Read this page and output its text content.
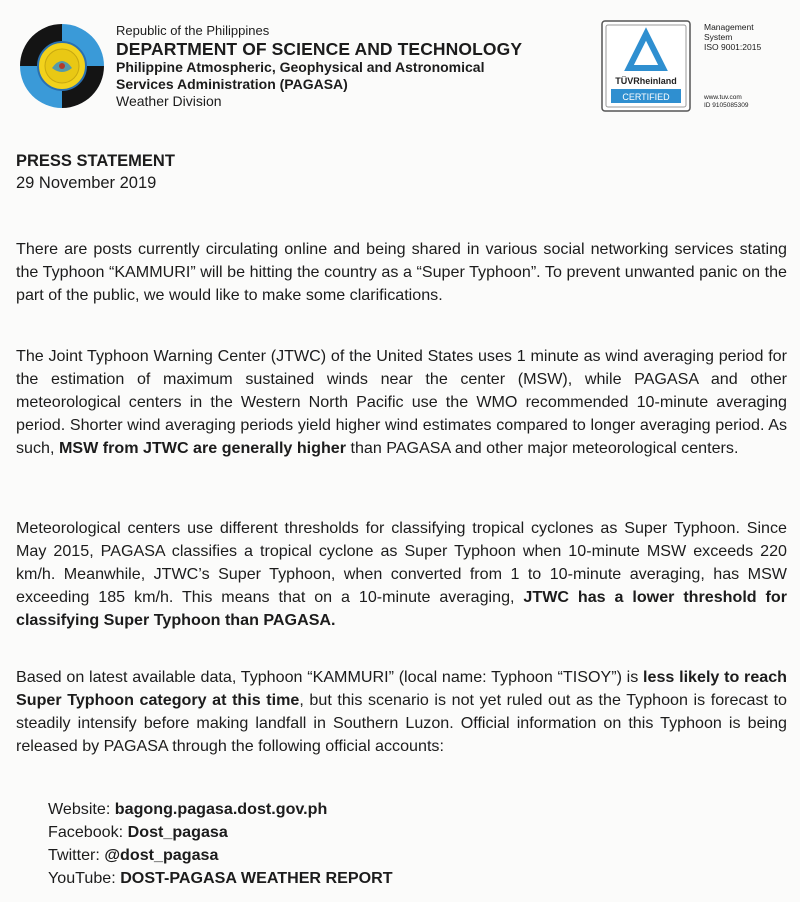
Republic of the Philippines
DEPARTMENT OF SCIENCE AND TECHNOLOGY
Philippine Atmospheric, Geophysical and Astronomical
Services Administration (PAGASA)
Weather Division
TÜVRheinland
CERTIFIED
Management
System
ISO 9001:2015
www.tuv.com
ID 9105085309
PRESS STATEMENT
29 November 2019

There are posts currently circulating online and being shared in various social networking services stating the Typhoon “KAMMURI” will be hitting the country as a “Super Typhoon”. To prevent unwanted panic on the part of the public, we would like to make some clarifications.

The Joint Typhoon Warning Center (JTWC) of the United States uses 1 minute as wind averaging period for the estimation of maximum sustained winds near the center (MSW), while PAGASA and other meteorological centers in the Western North Pacific use the WMO recommended 10-minute averaging period. Shorter wind averaging periods yield higher wind estimates compared to longer averaging period. As such, MSW from JTWC are generally higher than PAGASA and other major meteorological centers.

Meteorological centers use different thresholds for classifying tropical cyclones as Super Typhoon. Since May 2015, PAGASA classifies a tropical cyclone as Super Typhoon when 10-minute MSW exceeds 220 km/h. Meanwhile, JTWC’s Super Typhoon, when converted from 1 to 10-minute averaging, has MSW exceeding 185 km/h. This means that on a 10-minute averaging, JTWC has a lower threshold for classifying Super Typhoon than PAGASA.

Based on latest available data, Typhoon “KAMMURI” (local name: Typhoon “TISOY”) is less likely to reach Super Typhoon category at this time, but this scenario is not yet ruled out as the Typhoon is forecast to steadily intensify before making landfall in Southern Luzon. Official information on this Typhoon is being released by PAGASA through the following official accounts:

Website: bagong.pagasa.dost.gov.ph
Facebook: Dost_pagasa
Twitter: @dost_pagasa
YouTube: DOST-PAGASA WEATHER REPORT
